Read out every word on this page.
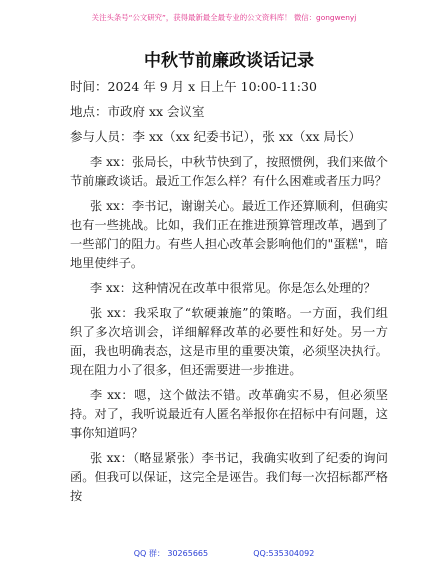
关注头条号“公文研究”，获得最新最全最专业的公文资料库！ 微信：gongwenyj
中秋节前廉政谈话记录
时间：2024 年 9 月 x 日上午 10:00-11:30
地点：市政府 xx 会议室
参与人员：李 xx（xx 纪委书记），张 xx（xx 局长）

李 xx：张局长，中秋节快到了，按照惯例，我们来做个节前廉政谈话。最近工作怎么样？有什么困难或者压力吗？

张 xx：李书记，谢谢关心。最近工作还算顺利，但确实也有一些挑战。比如，我们正在推进预算管理改革，遇到了一些部门的阻力。有些人担心改革会影响他们的"蛋糕"，暗地里使绊子。

李 xx：这种情况在改革中很常见。你是怎么处理的？

张 xx：我采取了“软硬兼施”的策略。一方面，我们组织了多次培训会，详细解释改革的必要性和好处。另一方面，我也明确表态，这是市里的重要决策，必须坚决执行。现在阻力小了很多，但还需要进一步推进。

李 xx：嗯，这个做法不错。改革确实不易，但必须坚持。对了，我听说最近有人匿名举报你在招标中有问题，这事你知道吗？

张 xx：（略显紧张）李书记，我确实收到了纪委的询问函。但我可以保证，这完全是诬告。我们每一次招标都严格按

QQ 群： 30265665	QQ:535304092
